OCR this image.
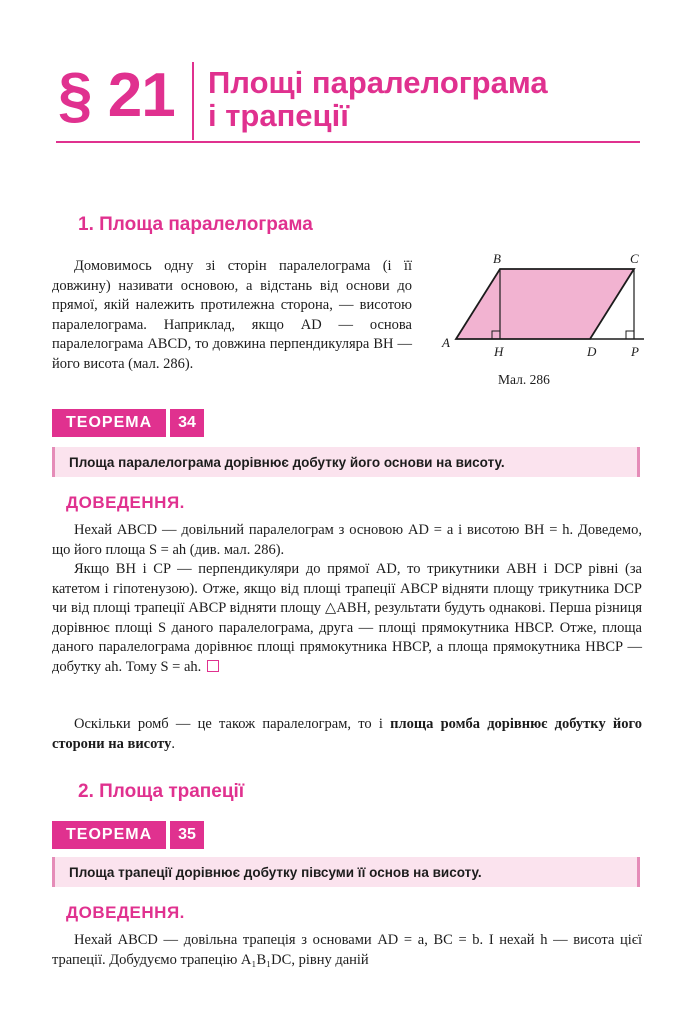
§ 21 Площі паралелограма
і трапеції
1. Площа паралелограма

Домовимось одну зі сторін паралелограма (і її довжину) називати основою, а відстань від основи до прямої, якій належить протилежна сторона, — висотою паралелограма. Наприклад, якщо AD — основа паралелограма ABCD, то довжина перпендикуляра BH — його висота (мал. 286).

A
B	C
H	D	P
Мал. 286
ТЕОРЕМА	34
Площа паралелограма дорівнює добутку його основи на висоту.
ДОВЕДЕННЯ.

Нехай ABCD — довільний паралелограм з основою AD = a і висотою BH = h. Доведемо, що його площа S = ah (див. мал. 286).

Якщо BH і CP — перпендикуляри до прямої AD, то трикутники ABH і DCP рівні (за катетом і гіпотенузою). Отже, якщо від площі трапеції ABCP відняти площу трикутника DCP чи від площі трапеції ABCP відняти площу △ABH, результати будуть однакові. Перша різниця дорівнює площі S даного паралелограма, друга — площі прямокутника HBCP. Отже, площа даного паралелограма дорівнює площі прямокутника HBCP, а площа прямокутника HBCP — добутку ah. Тому S = ah.

Оскільки ромб — це також паралелограм, то і площа ромба дорівнює добутку його сторони на висоту.

2. Площа трапеції
ТЕОРЕМА	35
Площа трапеції дорівнює добутку півсуми її основ на висоту.
ДОВЕДЕННЯ.

Нехай ABCD — довільна трапеція з основами AD = a, BC = b. І нехай h — висота цієї трапеції. Добудуємо трапецію A₁B₁DC, рівну даній
